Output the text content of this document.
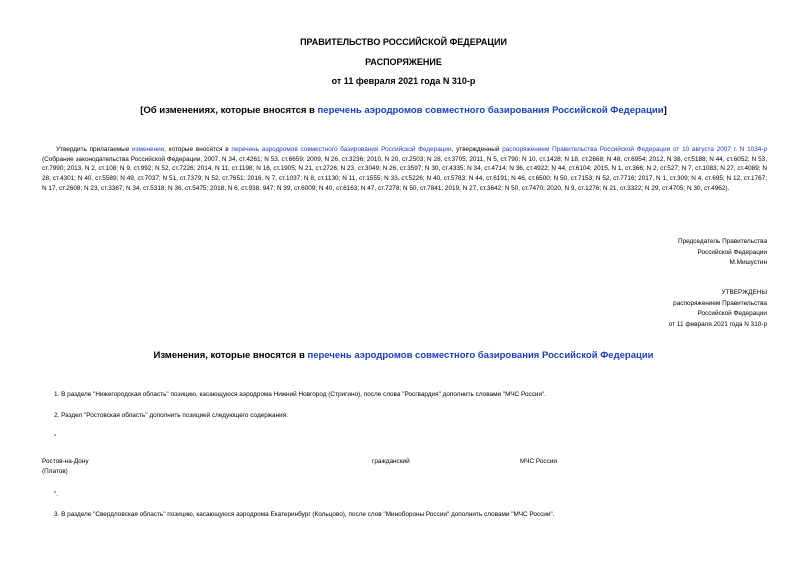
ПРАВИТЕЛЬСТВО РОССИЙСКОЙ ФЕДЕРАЦИИ
РАСПОРЯЖЕНИЕ
от 11 февраля 2021 года N 310-р
[Об изменениях, которые вносятся в перечень аэродромов совместного базирования Российской Федерации]
Утвердить прилагаемые изменения, которые вносятся в перечень аэродромов совместного базирования Российской Федерации, утвержденный распоряжением Правительства Российской Федерации от 10 августа 2007 г. N 1034-р (Собрание законодательства Российской Федерации, 2007, N 34, ст.4261; N 53, ст.6659; 2009, N 26, ст.3236; 2010, N 20, ст.2503; N 28, ст.3705; 2011, N 5, ст.790; N 10, ст.1428; N 18, ст.2668; N 48, ст.6954; 2012, N 38, ст.5188; N 44, ст.6052; N 53, ст.7990; 2013, N 2, ст.108; N 9, ст.992; N 52, ст.7226; 2014, N 11, ст.1198; N 16, ст.1905; N 21, ст.2726; N 23, ст.3049; N 26, ст.3597; N 30, ст.4335; N 34, ст.4714; N 36, ст.4922; N 44, ст.6104; 2015, N 1, ст.366; N 2, ст.527; N 7, ст.1083; N 27, ст.4089; N 28, ст.4301; N 40, ст.5589; N 49, ст.7037; N 51, ст.7379; N 52, ст.7651; 2016, N 7, ст.1037; N 8, ст.1130; N 11, ст.1555; N 33, ст.5226; N 40, ст.5783; N 44, ст.6191; N 46, ст.6500; N 50, ст.7153; N 52, ст.7716; 2017, N 1, ст.309; N 4, ст.695; N 12, ст.1767; N 17, ст.2608; N 23, ст.3367; N 34, ст.5318; N 36, ст.5475; 2018, N 6, ст.938, 947; N 39, ст.6009; N 40, ст.6163; N 47, ст.7278; N 50, ст.7841; 2019, N 27, ст.3642; N 50, ст.7470; 2020, N 9, ст.1276; N 21, ст.3322; N 29, ст.4705; N 30, ст.4962).
Председатель Правительства
Российской Федерации
М.Мишустин
УТВЕРЖДЕНЫ
распоряжением Правительства
Российской Федерации
от 11 февраля 2021 года N 310-р
Изменения, которые вносятся в перечень аэродромов совместного базирования Российской Федерации
1. В разделе "Нижегородская область" позицию, касающуюся аэродрома Нижний Новгород (Стригино), после слова "Росгвардия" дополнить словами "МЧС России".
2. Раздел "Ростовская область" дополнить позицией следующего содержания:
"
Ростов-на-Дону
(Платов)
гражданский	МЧС России
".
3. В разделе "Свердловская область" позицию, касающуюся аэродрома Екатеринбург (Кольцово), после слов "Минобороны России" дополнить словами "МЧС России".
